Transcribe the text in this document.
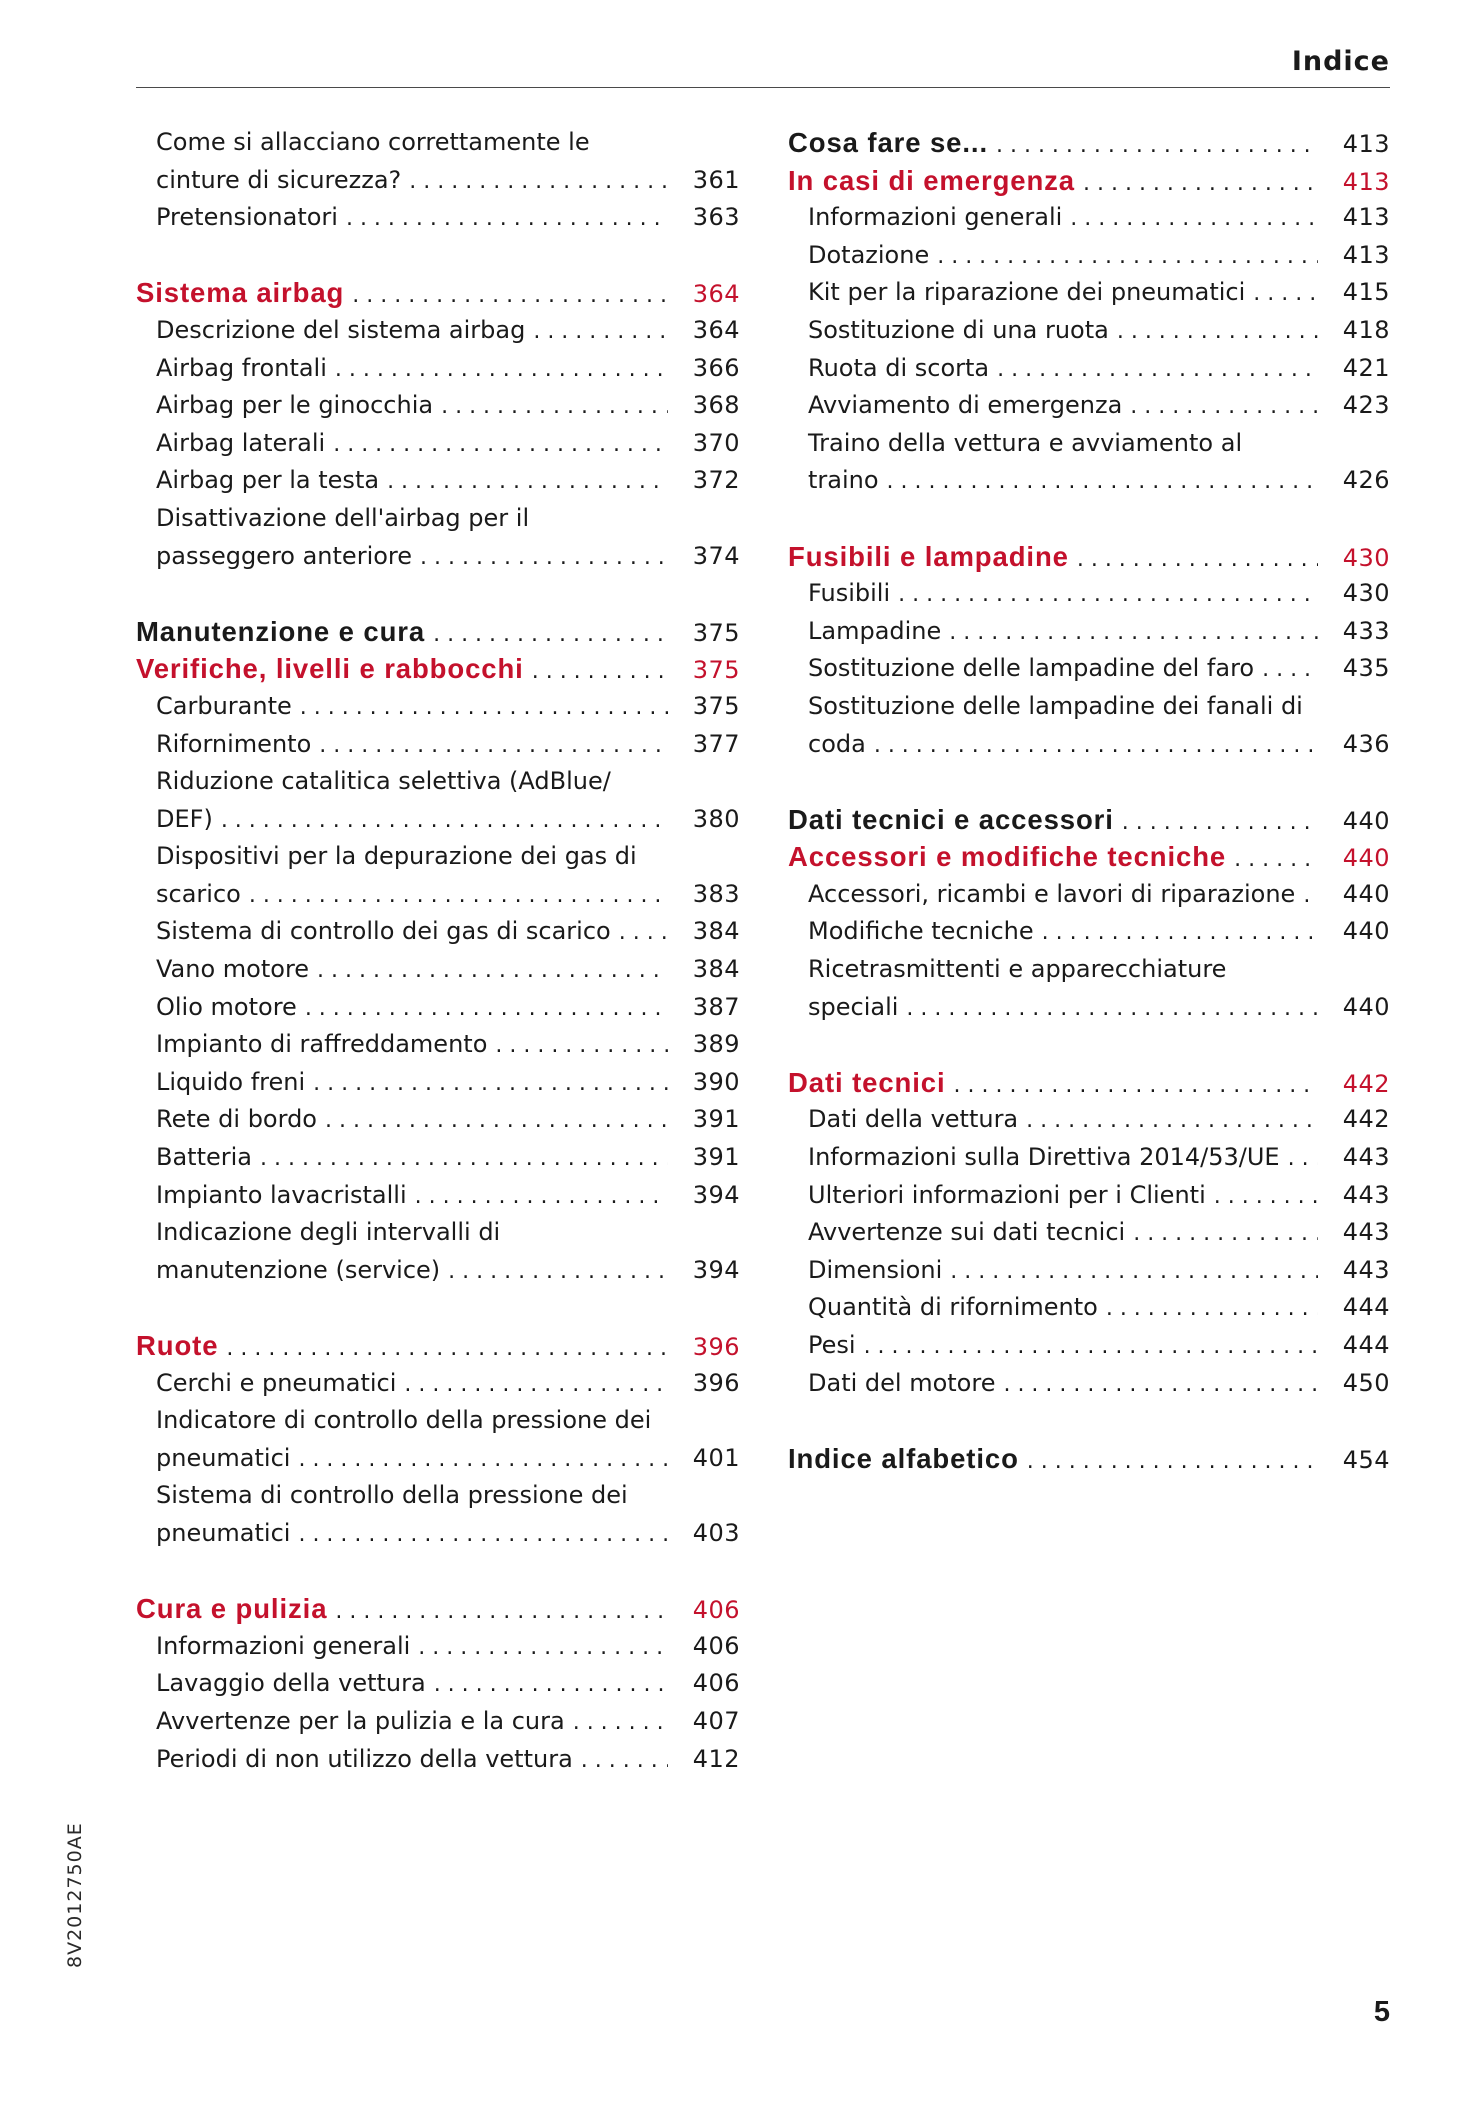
Indice
Come si allacciano correttamente le
cinture di sicurezza? . . .	361
Pretensionatori . . .	363
Sistema airbag . . .	364
Descrizione del sistema airbag . . .	364
Airbag frontali . . .	366
Airbag per le ginocchia . . .	368
Airbag laterali . . .	370
Airbag per la testa . . .	372
Disattivazione dell'airbag per il
passeggero anteriore . . .	374
Manutenzione e cura . . .	375
Verifiche, livelli e rabbocchi . . .	375
Carburante . . .	375
Rifornimento . . .	377
Riduzione catalitica selettiva (AdBlue/
DEF) . . .	380
Dispositivi per la depurazione dei gas di
scarico . . .	383
Sistema di controllo dei gas di scarico . . .	384
Vano motore . . .	384
Olio motore . . .	387
Impianto di raffreddamento . . .	389
Liquido freni . . .	390
Rete di bordo . . .	391
Batteria . . .	391
Impianto lavacristalli . . .	394
Indicazione degli intervalli di
manutenzione (service) . . .	394
Ruote . . .	396
Cerchi e pneumatici . . .	396
Indicatore di controllo della pressione dei
pneumatici . . .	401
Sistema di controllo della pressione dei
pneumatici . . .	403
Cura e pulizia . . .	406
Informazioni generali . . .	406
Lavaggio della vettura . . .	406
Avvertenze per la pulizia e la cura . . .	407
Periodi di non utilizzo della vettura . . .	412
Cosa fare se... . . .	413
In casi di emergenza . . .	413
Informazioni generali . . .	413
Dotazione . . .	413
Kit per la riparazione dei pneumatici . . .	415
Sostituzione di una ruota . . .	418
Ruota di scorta . . .	421
Avviamento di emergenza . . .	423
Traino della vettura e avviamento al
traino . . .	426
Fusibili e lampadine . . .	430
Fusibili . . .	430
Lampadine . . .	433
Sostituzione delle lampadine del faro . . .	435
Sostituzione delle lampadine dei fanali di
coda . . .	436
Dati tecnici e accessori . . .	440
Accessori e modifiche tecniche . . .	440
Accessori, ricambi e lavori di riparazione . . .	440
Modifiche tecniche . . .	440
Ricetrasmittenti e apparecchiature
speciali . . .	440
Dati tecnici . . .	442
Dati della vettura . . .	442
Informazioni sulla Direttiva 2014/53/UE . . .	443
Ulteriori informazioni per i Clienti . . .	443
Avvertenze sui dati tecnici . . .	443
Dimensioni . . .	443
Quantità di rifornimento . . .	444
Pesi . . .	444
Dati del motore . . .	450
Indice alfabetico . . .	454
8V2012750AE
5
